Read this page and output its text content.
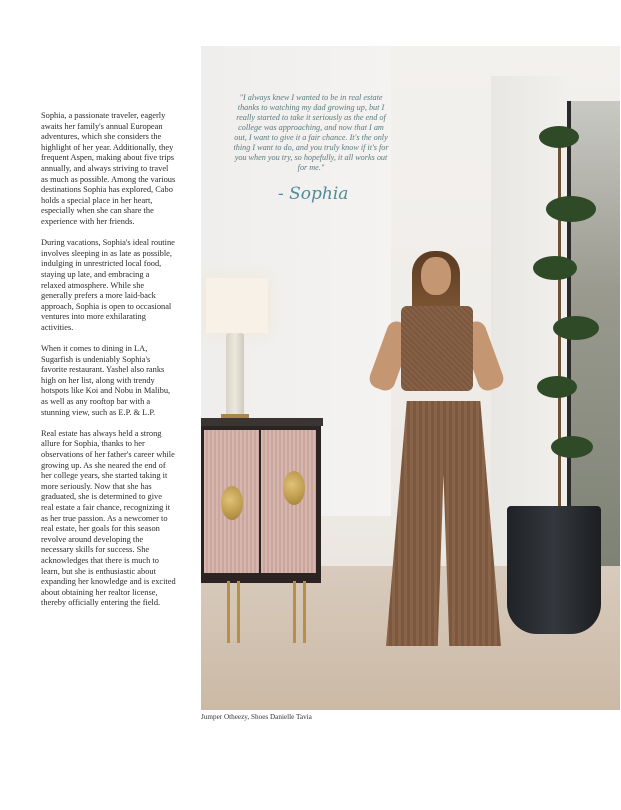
Sophia, a passionate traveler, eagerly awaits her family's annual European adventures, which she considers the highlight of her year. Additionally, they frequent Aspen, making about five trips annually, and always striving to travel as much as possible. Among the various destinations Sophia has explored, Cabo holds a special place in her heart, especially when she can share the experience with her friends.

During vacations, Sophia's ideal routine involves sleeping in as late as possible, indulging in unrestricted local food, staying up late, and embracing a relaxed atmosphere. While she generally prefers a more laid-back approach, Sophia is open to occasional ventures into more exhilarating activities.

When it comes to dining in LA, Sugarfish is undeniably Sophia's favorite restaurant. Yashel also ranks high on her list, along with trendy hotspots like Koi and Nobu in Malibu, as well as any rooftop bar with a stunning view, such as E.P. & L.P.

Real estate has always held a strong allure for Sophia, thanks to her observations of her father's career while growing up. As she neared the end of her college years, she started taking it more seriously. Now that she has graduated, she is determined to give real estate a fair chance, recognizing it as her true passion. As a newcomer to real estate, her goals for this season revolve around developing the necessary skills for success. She acknowledges that there is much to learn, but she is enthusiastic about expanding her knowledge and is excited about obtaining her realtor license, thereby officially entering the field.

"I always knew I wanted to be in real estate thanks to watching my dad growing up, but I really started to take it seriously as the end of college was approaching, and now that I am out, I want to give it a fair chance. It's the only thing I want to do, and you truly know if it's for you when you try, so hopefully, it all works out for me."
- Sophia
Jumper Otheezy, Shoes Danielle Tavia
